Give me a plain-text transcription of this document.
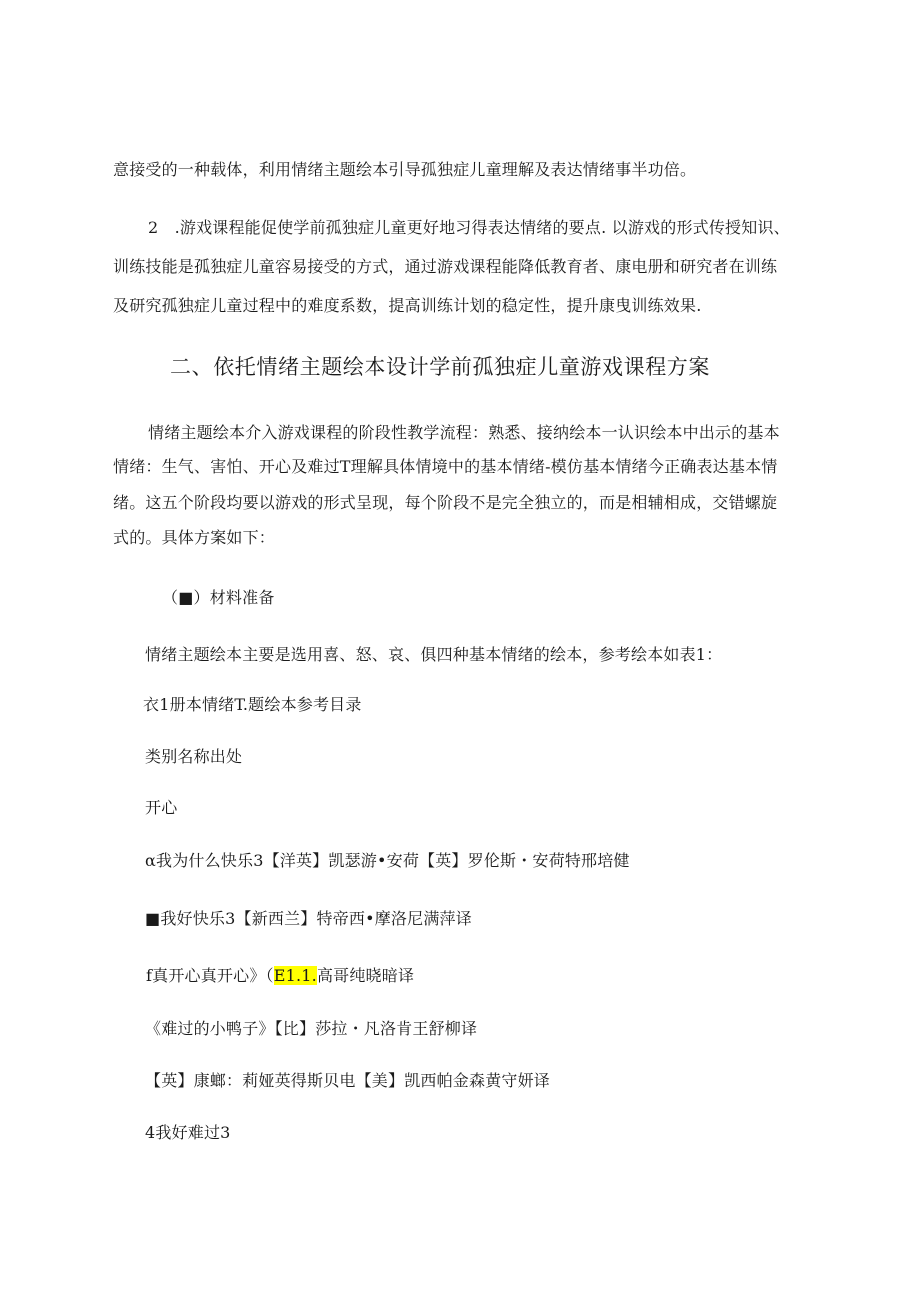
意接受的一种载体，利用情绪主题绘本引导孤独症儿童理解及表达情绪事半功倍。
2　.游戏课程能促使学前孤独症儿童更好地习得表达情绪的要点. 以游戏的形式传授知识、
训练技能是孤独症儿童容易接受的方式，通过游戏课程能降低教育者、康电册和研究者在训练
及研究孤独症儿童过程中的难度系数，提高训练计划的稳定性，提升康曳训练效果.
二、依托情绪主题绘本设计学前孤独症儿童游戏课程方案
情绪主题绘本介入游戏课程的阶段性教学流程：熟悉、接纳绘本一认识绘本中出示的基本
情绪：生气、害怕、开心及难过T理解具体情境中的基本情绪-模仿基本情绪今正确表达基本情
绪。这五个阶段均要以游戏的形式呈现，每个阶段不是完全独立的，而是相辅相成，交错螺旋
式的。具体方案如下：
（■）材料准备
情绪主题绘本主要是选用喜、怒、哀、俱四种基本情绪的绘本，参考绘本如表1：
衣1册本情绪T.题绘本参考目录
类别名称出处
开心
α我为什么快乐3【洋英】凯瑟游•安荷【英】罗伦斯・安荷特邢培健
■我好快乐3【新西兰】特帝西•摩洛尼满萍译
f真开心真开心》（E1.1.高哥纯晓暗译
《难过的小鸭子》【比】莎拉・凡洛肯王舒柳译
【英】康螂：莉娅英得斯贝电【美】凯西帕金森黄守妍译
4我好难过3
